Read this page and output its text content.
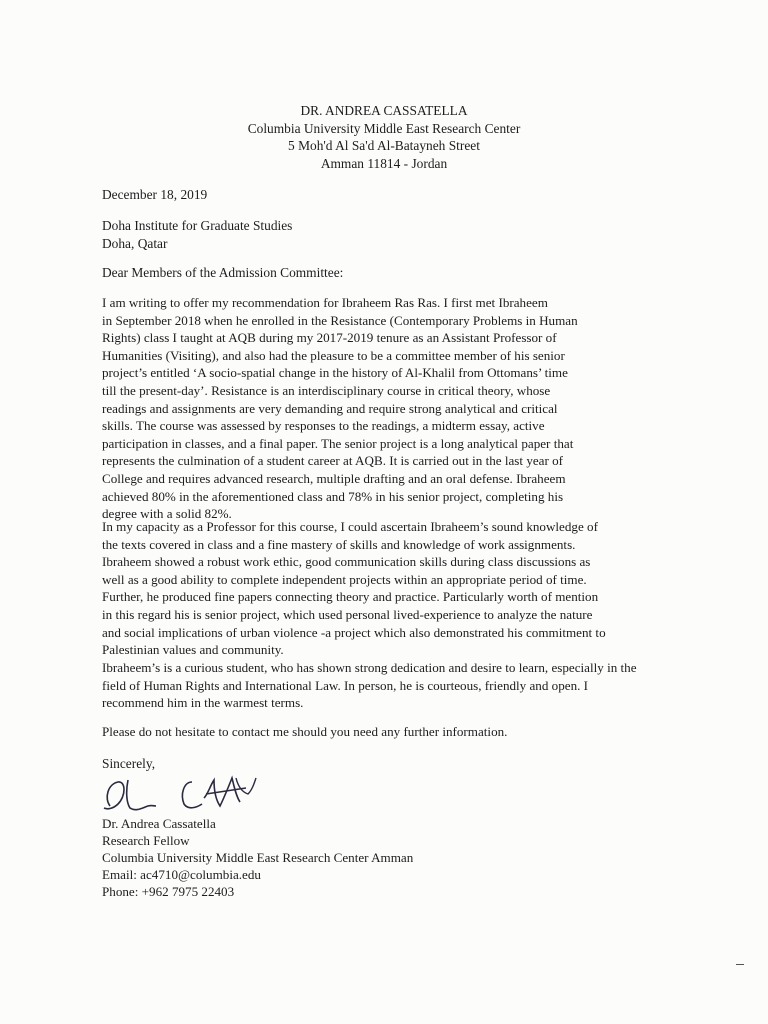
DR. ANDREA CASSATELLA
Columbia University Middle East Research Center
5 Moh'd Al Sa'd Al-Batayneh Street
Amman 11814 - Jordan
December 18, 2019
Doha Institute for Graduate Studies
Doha, Qatar
Dear Members of the Admission Committee:
I am writing to offer my recommendation for Ibraheem Ras Ras. I first met Ibraheem
in September 2018 when he enrolled in the Resistance (Contemporary Problems in Human
Rights) class I taught at AQB during my 2017-2019 tenure as an Assistant Professor of
Humanities (Visiting), and also had the pleasure to be a committee member of his senior
project’s entitled ‘A socio-spatial change in the history of Al-Khalil from Ottomans’ time
till the present-day’. Resistance is an interdisciplinary course in critical theory, whose
readings and assignments are very demanding and require strong analytical and critical
skills. The course was assessed by responses to the readings, a midterm essay, active
participation in classes, and a final paper. The senior project is a long analytical paper that
represents the culmination of a student career at AQB. It is carried out in the last year of
College and requires advanced research, multiple drafting and an oral defense. Ibraheem
achieved 80% in the aforementioned class and 78% in his senior project, completing his
degree with a solid 82%.
In my capacity as a Professor for this course, I could ascertain Ibraheem’s sound knowledge of
the texts covered in class and a fine mastery of skills and knowledge of work assignments.
Ibraheem showed a robust work ethic, good communication skills during class discussions as
well as a good ability to complete independent projects within an appropriate period of time.
Further, he produced fine papers connecting theory and practice. Particularly worth of mention
in this regard his is senior project, which used personal lived-experience to analyze the nature
and social implications of urban violence -a project which also demonstrated his commitment to
Palestinian values and community.
Ibraheem’s is a curious student, who has shown strong dedication and desire to learn, especially in the
field of Human Rights and International Law. In person, he is courteous, friendly and open. I
recommend him in the warmest terms.
Please do not hesitate to contact me should you need any further information.
Sincerely,
Dr. Andrea Cassatella
Research Fellow
Columbia University Middle East Research Center Amman
Email: ac4710@columbia.edu
Phone: +962 7975 22403
